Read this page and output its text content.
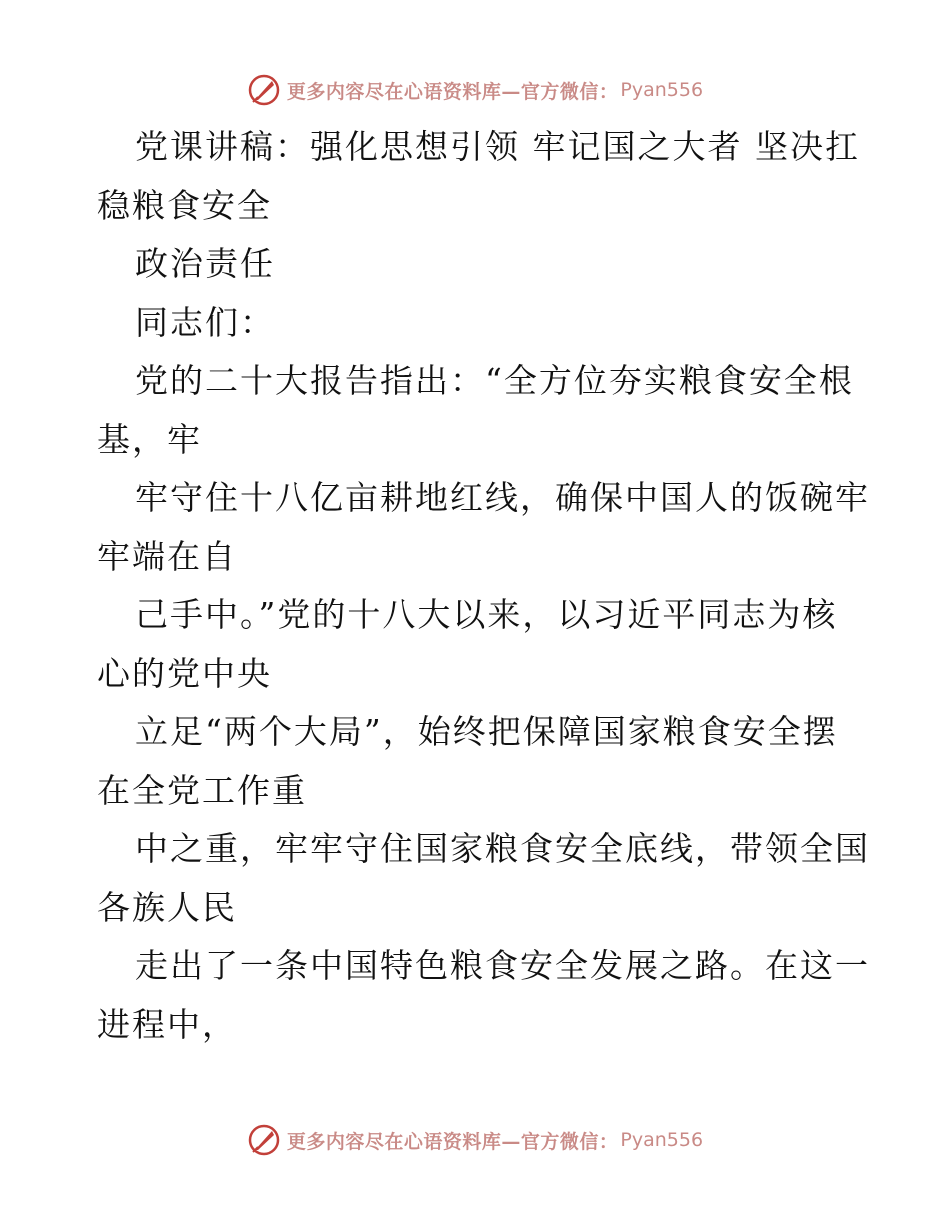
更多内容尽在心语资料库—官方微信： Pyan556
党课讲稿：强化思想引领 牢记国之大者 坚决扛
稳粮食安全
政治责任
同志们：
党的二十大报告指出：“全方位夯实粮食安全根
基，牢
牢守住十八亿亩耕地红线，确保中国人的饭碗牢
牢端在自
己手中。”党的十八大以来，以习近平同志为核
心的党中央
立足“两个大局”，始终把保障国家粮食安全摆
在全党工作重
中之重，牢牢守住国家粮食安全底线，带领全国
各族人民
走出了一条中国特色粮食安全发展之路。在这一
进程中，
更多内容尽在心语资料库—官方微信： Pyan556
